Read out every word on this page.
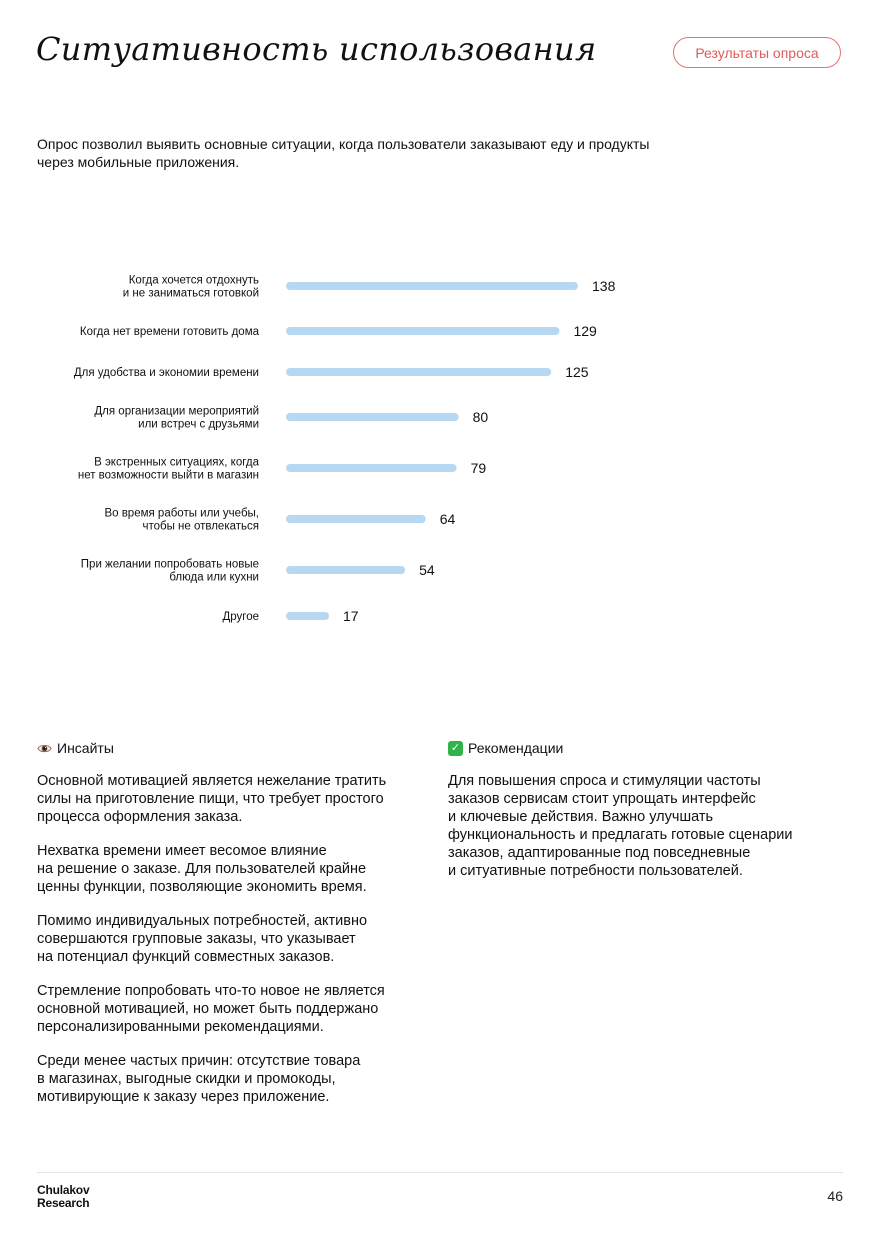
Ситуативность использования	Результаты опроса
Опрос позволил выявить основные ситуации, когда пользователи заказывают еду и продукты
через мобильные приложения.
138
Когда хочется отдохнуть и не заниматься готовкой
129
Когда нет времени готовить дома
125
Для удобства и экономии времени
80
Для организации мероприятий или встреч с друзьями
79
В экстренных ситуациях, когда нет возможности выйти в магазин
64
Во время работы или учебы, чтобы не отвлекаться
54
При желании попробовать новые блюда или кухни
17
Другое
Инсайты
Основной мотивацией является нежелание тратить
силы на приготовление пищи, что требует простого
процесса оформления заказа.
Нехватка времени имеет весомое влияние
на решение о заказе. Для пользователей крайне
ценны функции, позволяющие экономить время.
Помимо индивидуальных потребностей, активно
совершаются групповые заказы, что указывает
на потенциал функций совместных заказов.
Стремление попробовать что-то новое не является
основной мотивацией, но может быть поддержано
персонализированными рекомендациями.
Среди менее частых причин: отсутствие товара
в магазинах, выгодные скидки и промокоды,
мотивирующие к заказу через приложение.
✓ Рекомендации
Для повышения спроса и стимуляции частоты
заказов сервисам стоит упрощать интерфейс
и ключевые действия. Важно улучшать
функциональность и предлагать готовые сценарии
заказов, адаптированные под повседневные
и ситуативные потребности пользователей.
Chulakov
Research	46
